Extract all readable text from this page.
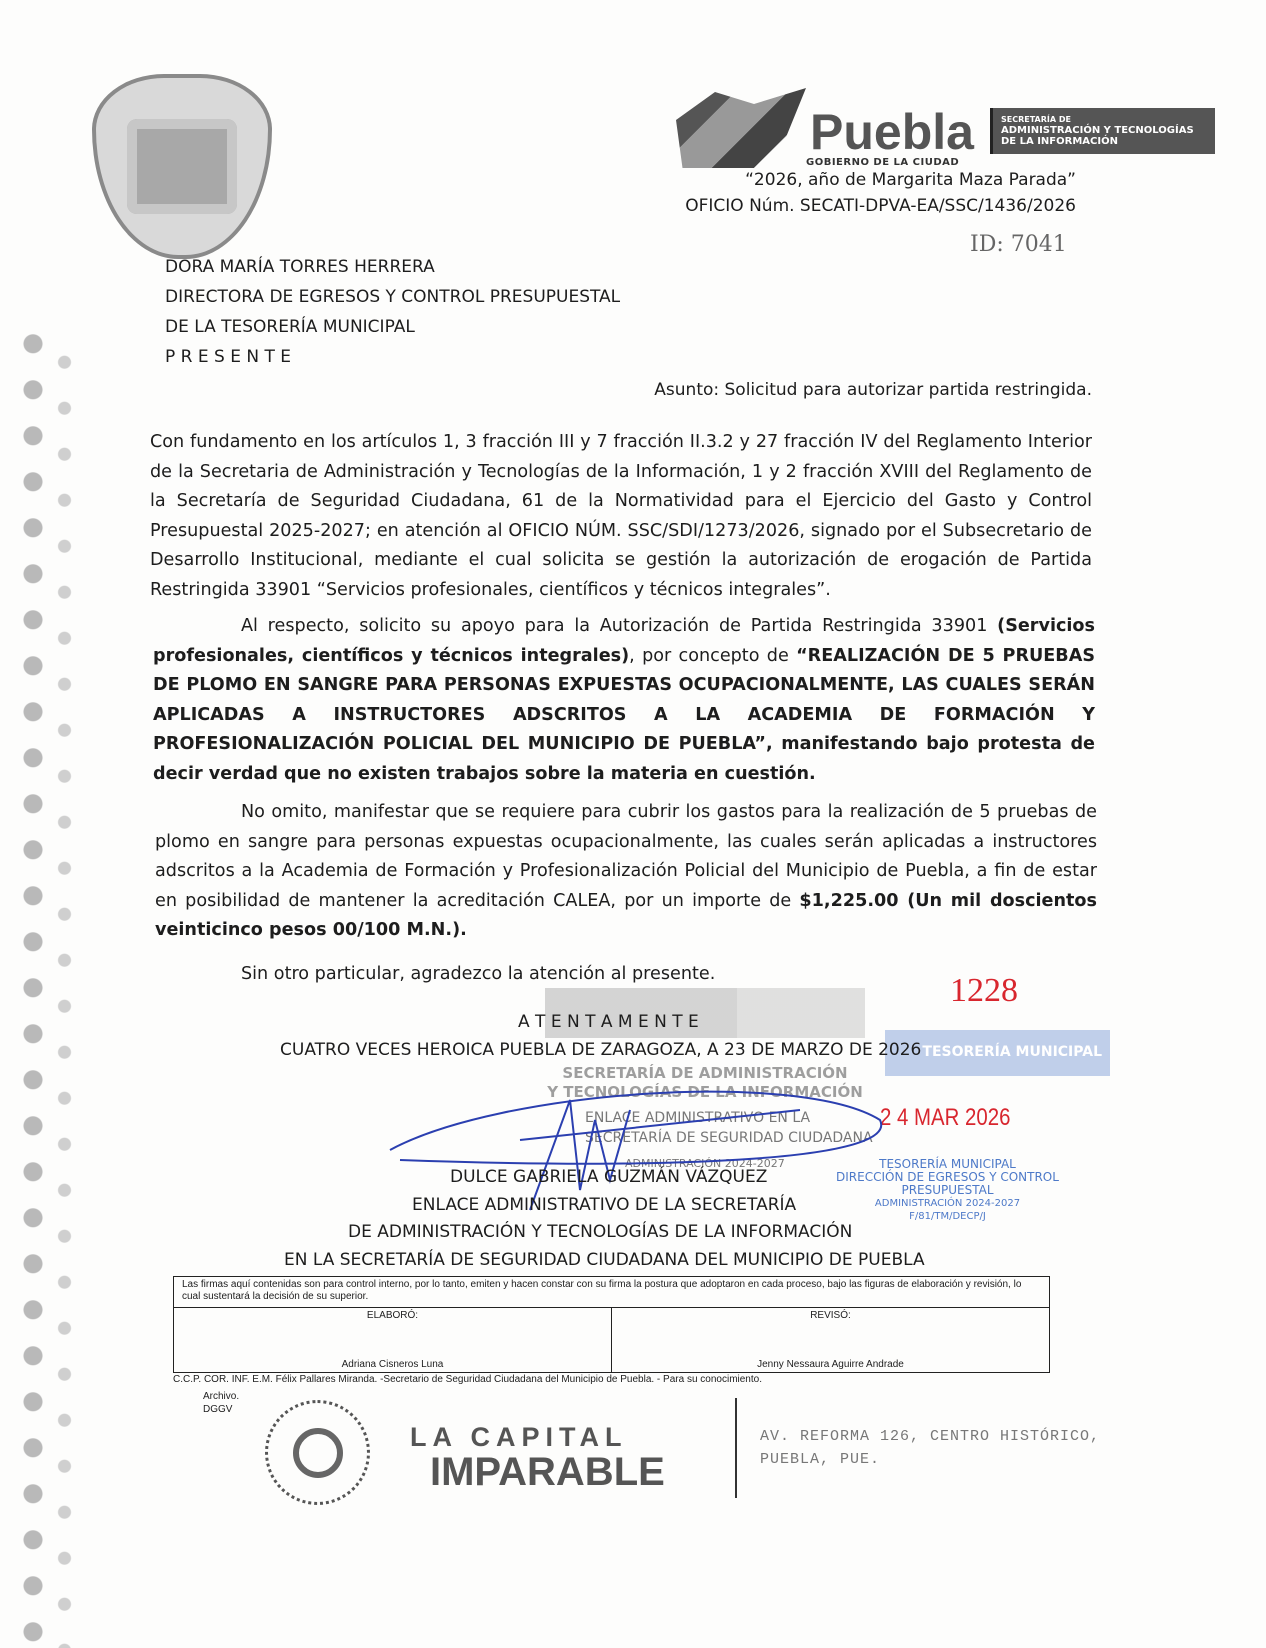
Puebla
GOBIERNO DE LA CIUDAD
SECRETARÍA DE
ADMINISTRACIÓN Y TECNOLOGÍAS
DE LA INFORMACIÓN
“2026, año de Margarita Maza Parada”
OFICIO Núm. SECATI-DPVA-EA/SSC/1436/2026
ID: 7041
DORA MARÍA TORRES HERRERA
DIRECTORA DE EGRESOS Y CONTROL PRESUPUESTAL
DE LA TESORERÍA MUNICIPAL
P R E S E N T E
Asunto: Solicitud para autorizar partida restringida.
Con fundamento en los artículos 1, 3 fracción III y 7 fracción II.3.2 y 27 fracción IV del Reglamento Interior de la Secretaria de Administración y Tecnologías de la Información, 1 y 2 fracción XVIII del Reglamento de la Secretaría de Seguridad Ciudadana, 61 de la Normatividad para el Ejercicio del Gasto y Control Presupuestal 2025-2027; en atención al OFICIO NÚM. SSC/SDI/1273/2026, signado por el Subsecretario de Desarrollo Institucional, mediante el cual solicita se gestión la autorización de erogación de Partida Restringida 33901 “Servicios profesionales, científicos y técnicos integrales”.
Al respecto, solicito su apoyo para la Autorización de Partida Restringida 33901 (Servicios profesionales, científicos y técnicos integrales), por concepto de “REALIZACIÓN DE 5 PRUEBAS DE PLOMO EN SANGRE PARA PERSONAS EXPUESTAS OCUPACIONALMENTE, LAS CUALES SERÁN APLICADAS A INSTRUCTORES ADSCRITOS A LA ACADEMIA DE FORMACIÓN Y PROFESIONALIZACIÓN POLICIAL DEL MUNICIPIO DE PUEBLA”, manifestando bajo protesta de decir verdad que no existen trabajos sobre la materia en cuestión.
No omito, manifestar que se requiere para cubrir los gastos para la realización de 5 pruebas de plomo en sangre para personas expuestas ocupacionalmente, las cuales serán aplicadas a instructores adscritos a la Academia de Formación y Profesionalización Policial del Municipio de Puebla, a fin de estar en posibilidad de mantener la acreditación CALEA, por un importe de $1,225.00 (Un mil doscientos veinticinco pesos 00/100 M.N.).
Sin otro particular, agradezco la atención al presente.	1228
TESORERÍA MUNICIPAL
A T E N T A M E N T E
CUATRO VECES HEROICA PUEBLA DE ZARAGOZA, A 23 DE MARZO DE 2026
SECRETARÍA DE ADMINISTRACIÓN
Y TECNOLOGÍAS DE LA INFORMACIÓN
ENLACE ADMINISTRATIVO EN LA
SECRETARÍA DE SEGURIDAD CIUDADANA
ADMINISTRACIÓN 2024-2027
2 4 MAR 2026
TESORERÍA MUNICIPAL
DIRECCIÓN DE EGRESOS Y CONTROL
PRESUPUESTAL
ADMINISTRACIÓN 2024-2027
F/81/TM/DECP/J
DULCE GABRIELA GUZMÁN VÁZQUEZ
ENLACE ADMINISTRATIVO DE LA SECRETARÍA
DE ADMINISTRACIÓN Y TECNOLOGÍAS DE LA INFORMACIÓN
EN LA SECRETARÍA DE SEGURIDAD CIUDADANA DEL MUNICIPIO DE PUEBLA
Las firmas aquí contenidas son para control interno, por lo tanto, emiten y hacen constar con su firma la postura que adoptaron en cada proceso, bajo las figuras de elaboración y revisión, lo cual sustentará la decisión de su superior.

ELABORÓ:
Adriana Cisneros Luna

REVISÓ:
Jenny Nessaura Aguirre Andrade
C.C.P. COR. INF. E.M. Félix Pallares Miranda. -Secretario de Seguridad Ciudadana del Municipio de Puebla. - Para su conocimiento.
Archivo.
DGGV
LA CAPITAL
IMPARABLE
AV. REFORMA 126, CENTRO HISTÓRICO,
PUEBLA, PUE.
